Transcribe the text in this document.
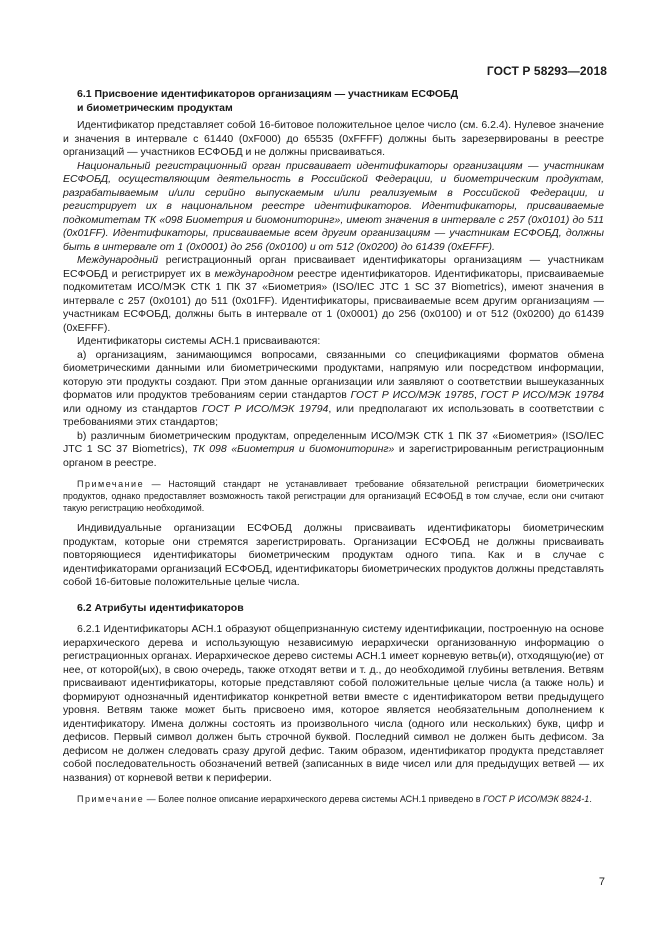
ГОСТ Р 58293—2018
6.1 Присвоение идентификаторов организациям — участникам ЕСФОБД
и биометрическим продуктам

Идентификатор представляет собой 16-битовое положительное целое число (см. 6.2.4). Нулевое значение и значения в интервале с 61440 (0xF000) до 65535 (0xFFFF) должны быть зарезервированы в реестре организаций — участников ЕСФОБД и не должны присваиваться.

Национальный регистрационный орган присваивает идентификаторы организациям — участникам ЕСФОБД, осуществляющим деятельность в Российской Федерации, и биометрическим продуктам, разрабатываемым и/или серийно выпускаемым и/или реализуемым в Российской Федерации, и регистрирует их в национальном реестре идентификаторов. Идентификаторы, присваиваемые подкомитетам ТК «098 Биометрия и биомониторинг», имеют значения в интервале с 257 (0x0101) до 511 (0x01FF). Идентификаторы, присваиваемые всем другим организациям — участникам ЕСФОБД, должны быть в интервале от 1 (0x0001) до 256 (0x0100) и от 512 (0x0200) до 61439 (0xEFFF).

Международный регистрационный орган присваивает идентификаторы организациям — участникам ЕСФОБД и регистрирует их в международном реестре идентификаторов. Идентификаторы, присваиваемые подкомитетам ИСО/МЭК СТК 1 ПК 37 «Биометрия» (ISO/IEC JTC 1 SC 37 Biometrics), имеют значения в интервале с 257 (0x0101) до 511 (0x01FF). Идентификаторы, присваиваемые всем другим организациям — участникам ЕСФОБД, должны быть в интервале от 1 (0x0001) до 256 (0x0100) и от 512 (0x0200) до 61439 (0xEFFF).

Идентификаторы системы АСН.1 присваиваются:

а) организациям, занимающимся вопросами, связанными со спецификациями форматов обмена биометрическими данными или биометрическими продуктами, напрямую или посредством информации, которую эти продукты создают. При этом данные организации или заявляют о соответствии вышеуказанных форматов или продуктов требованиям серии стандартов ГОСТ Р ИСО/МЭК 19785, ГОСТ Р ИСО/МЭК 19784 или одному из стандартов ГОСТ Р ИСО/МЭК 19794, или предполагают их использовать в соответствии с требованиями этих стандартов;

b) различным биометрическим продуктам, определенным ИСО/МЭК СТК 1 ПК 37 «Биометрия» (ISO/IEC JTC 1 SC 37 Biometrics), ТК 098 «Биометрия и биомониторинг» и зарегистрированным регистрационным органом в реестре.

Примечание — Настоящий стандарт не устанавливает требование обязательной регистрации биометрических продуктов, однако предоставляет возможность такой регистрации для организаций ЕСФОБД в том случае, если они считают такую регистрацию необходимой.

Индивидуальные организации ЕСФОБД должны присваивать идентификаторы биометрическим продуктам, которые они стремятся зарегистрировать. Организации ЕСФОБД не должны присваивать повторяющиеся идентификаторы биометрическим продуктам одного типа. Как и в случае с идентификаторами организаций ЕСФОБД, идентификаторы биометрических продуктов должны представлять собой 16-битовые положительные целые числа.

6.2 Атрибуты идентификаторов

6.2.1 Идентификаторы АСН.1 образуют общепризнанную систему идентификации, построенную на основе иерархического дерева и использующую независимую иерархически организованную информацию о регистрационных органах. Иерархическое дерево системы АСН.1 имеет корневую ветвь(и), отходящую(ие) от нее, от которой(ых), в свою очередь, также отходят ветви и т. д., до необходимой глубины ветвления. Ветвям присваивают идентификаторы, которые представляют собой положительные целые числа (а также ноль) и формируют однозначный идентификатор конкретной ветви вместе с идентификатором ветви предыдущего уровня. Ветвям также может быть присвоено имя, которое является необязательным дополнением к идентификатору. Имена должны состоять из произвольного числа (одного или нескольких) букв, цифр и дефисов. Первый символ должен быть строчной буквой. Последний символ не должен быть дефисом. За дефисом не должен следовать сразу другой дефис. Таким образом, идентификатор продукта представляет собой последовательность обозначений ветвей (записанных в виде чисел или для предыдущих ветвей — их названия) от корневой ветви к периферии.

Примечание — Более полное описание иерархического дерева системы АСН.1 приведено в ГОСТ Р ИСО/МЭК 8824-1.
7
